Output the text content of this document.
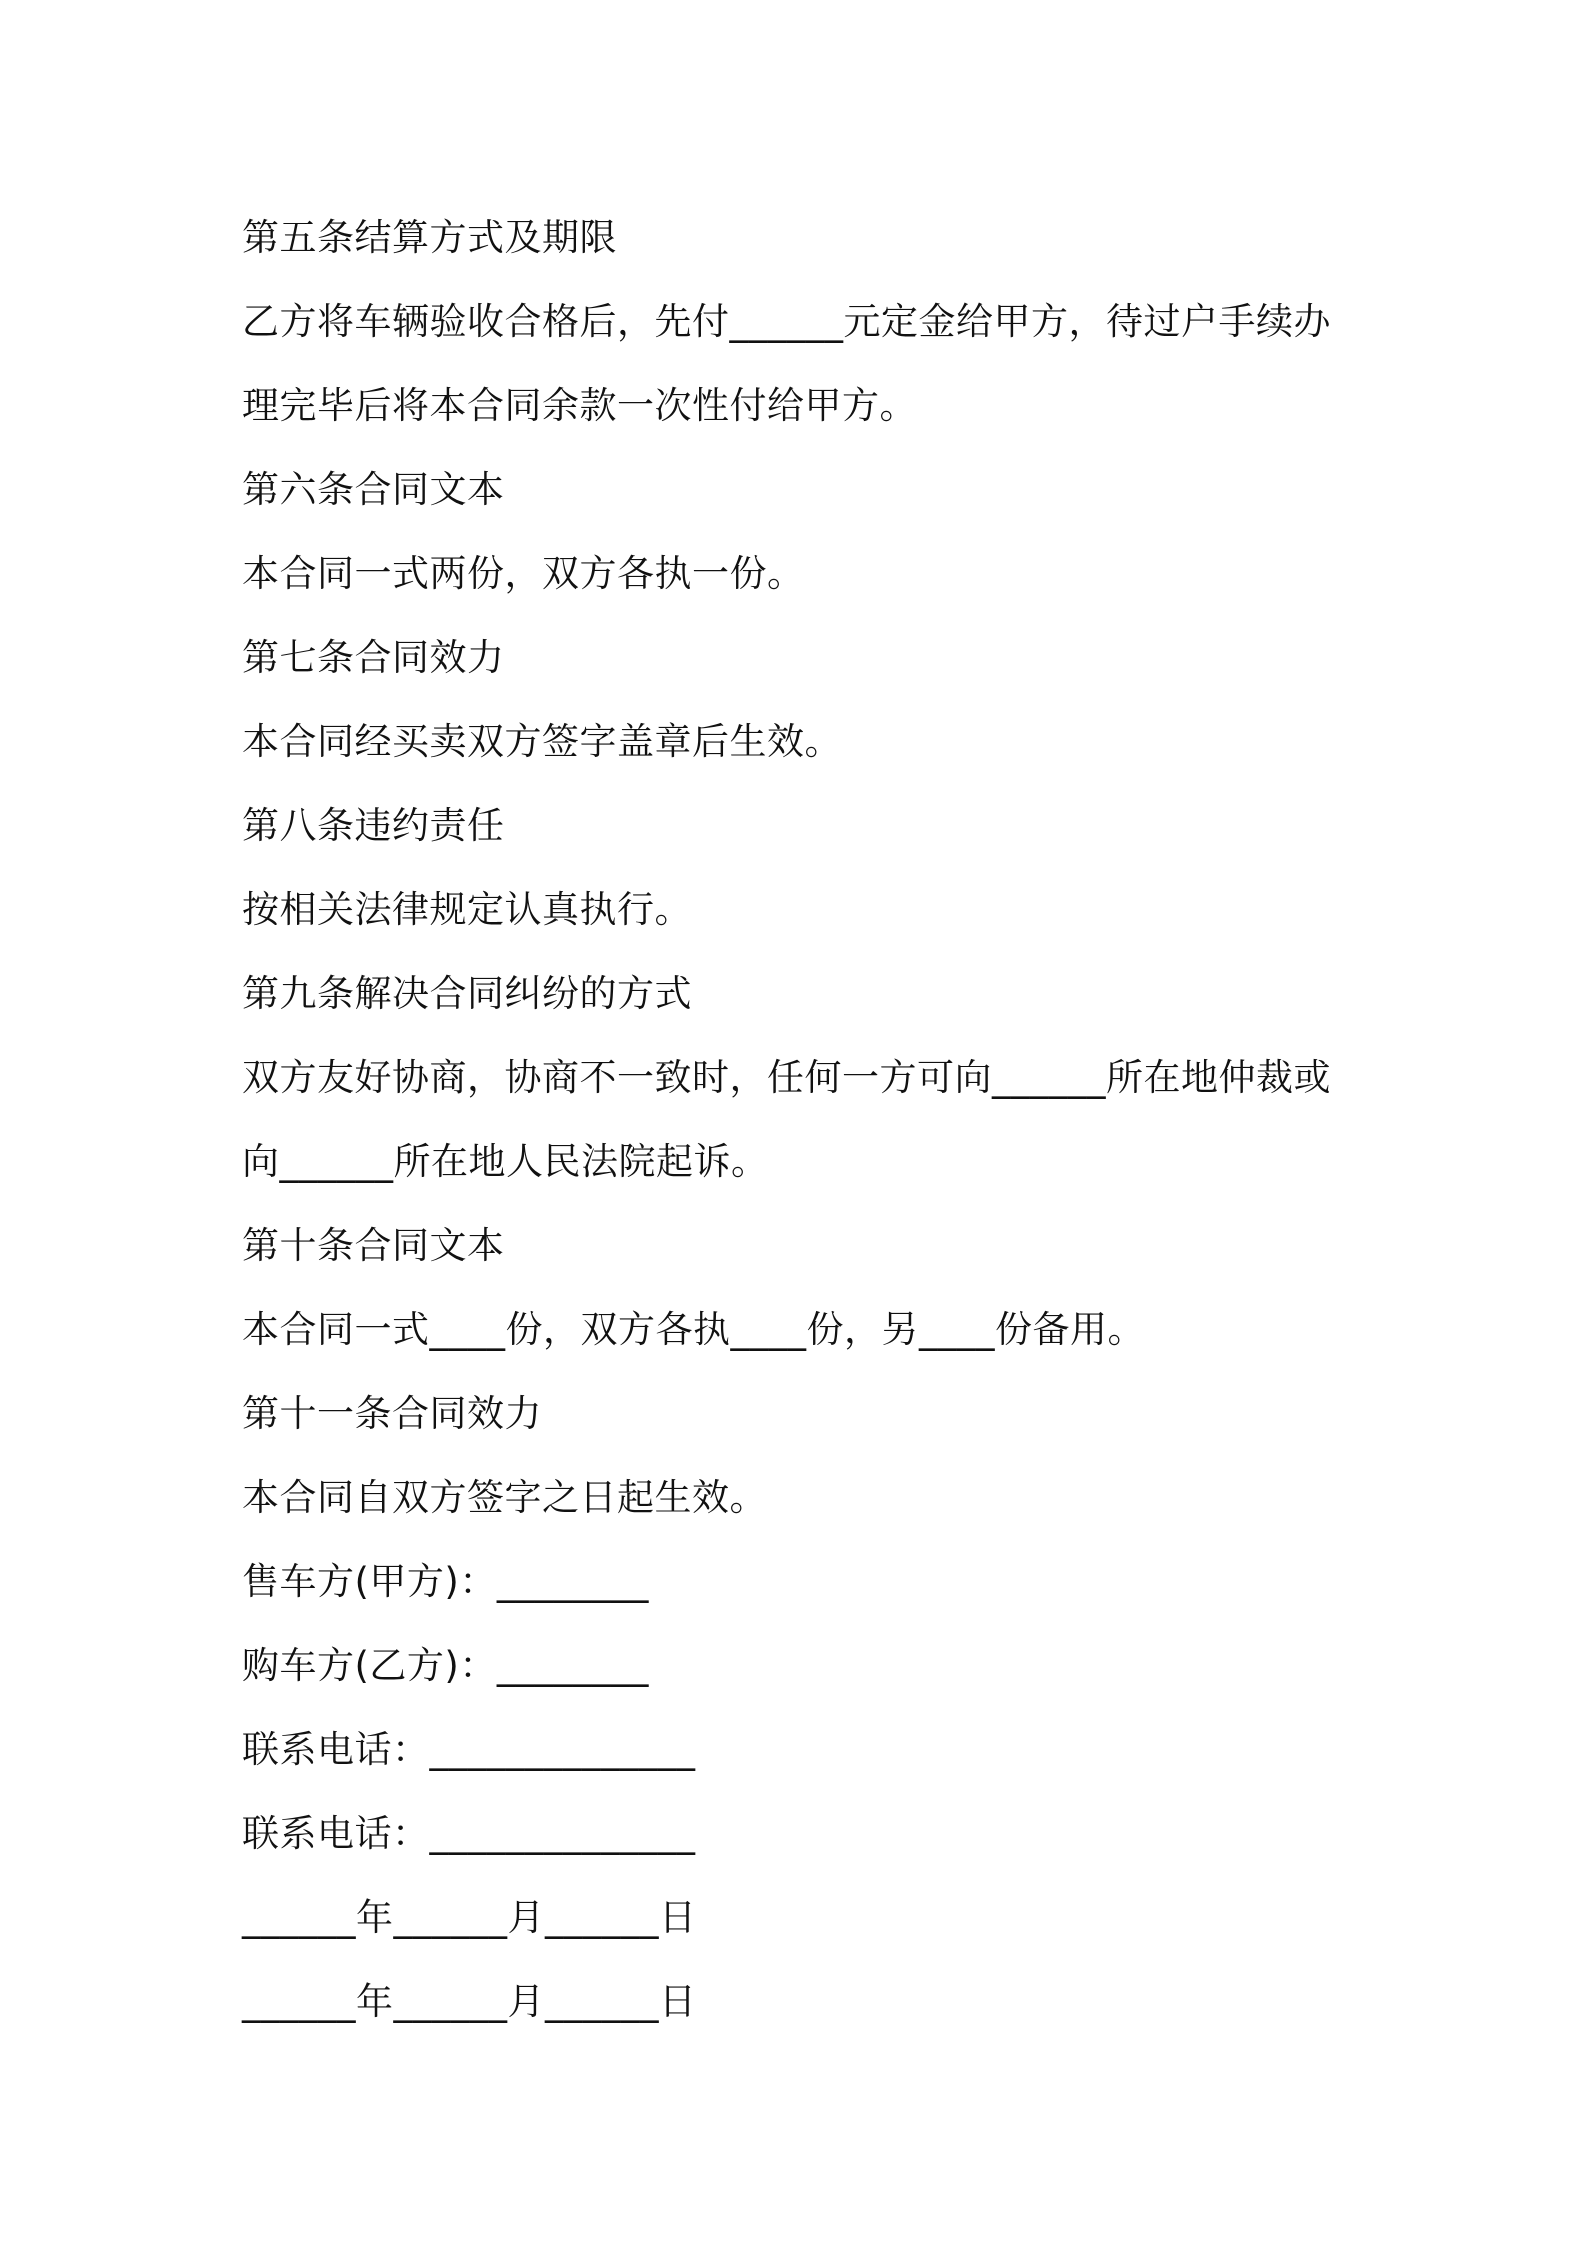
第五条结算方式及期限
乙方将车辆验收合格后，先付______元定金给甲方，待过户手续办
理完毕后将本合同余款一次性付给甲方。
第六条合同文本
本合同一式两份，双方各执一份。
第七条合同效力
本合同经买卖双方签字盖章后生效。
第八条违约责任
按相关法律规定认真执行。
第九条解决合同纠纷的方式
双方友好协商，协商不一致时，任何一方可向______所在地仲裁或
向______所在地人民法院起诉。
第十条合同文本
本合同一式____份，双方各执____份，另____份备用。
第十一条合同效力
本合同自双方签字之日起生效。
售车方(甲方)：________
购车方(乙方)：________
联系电话：______________
联系电话：______________
______年______月______日
______年______月______日
